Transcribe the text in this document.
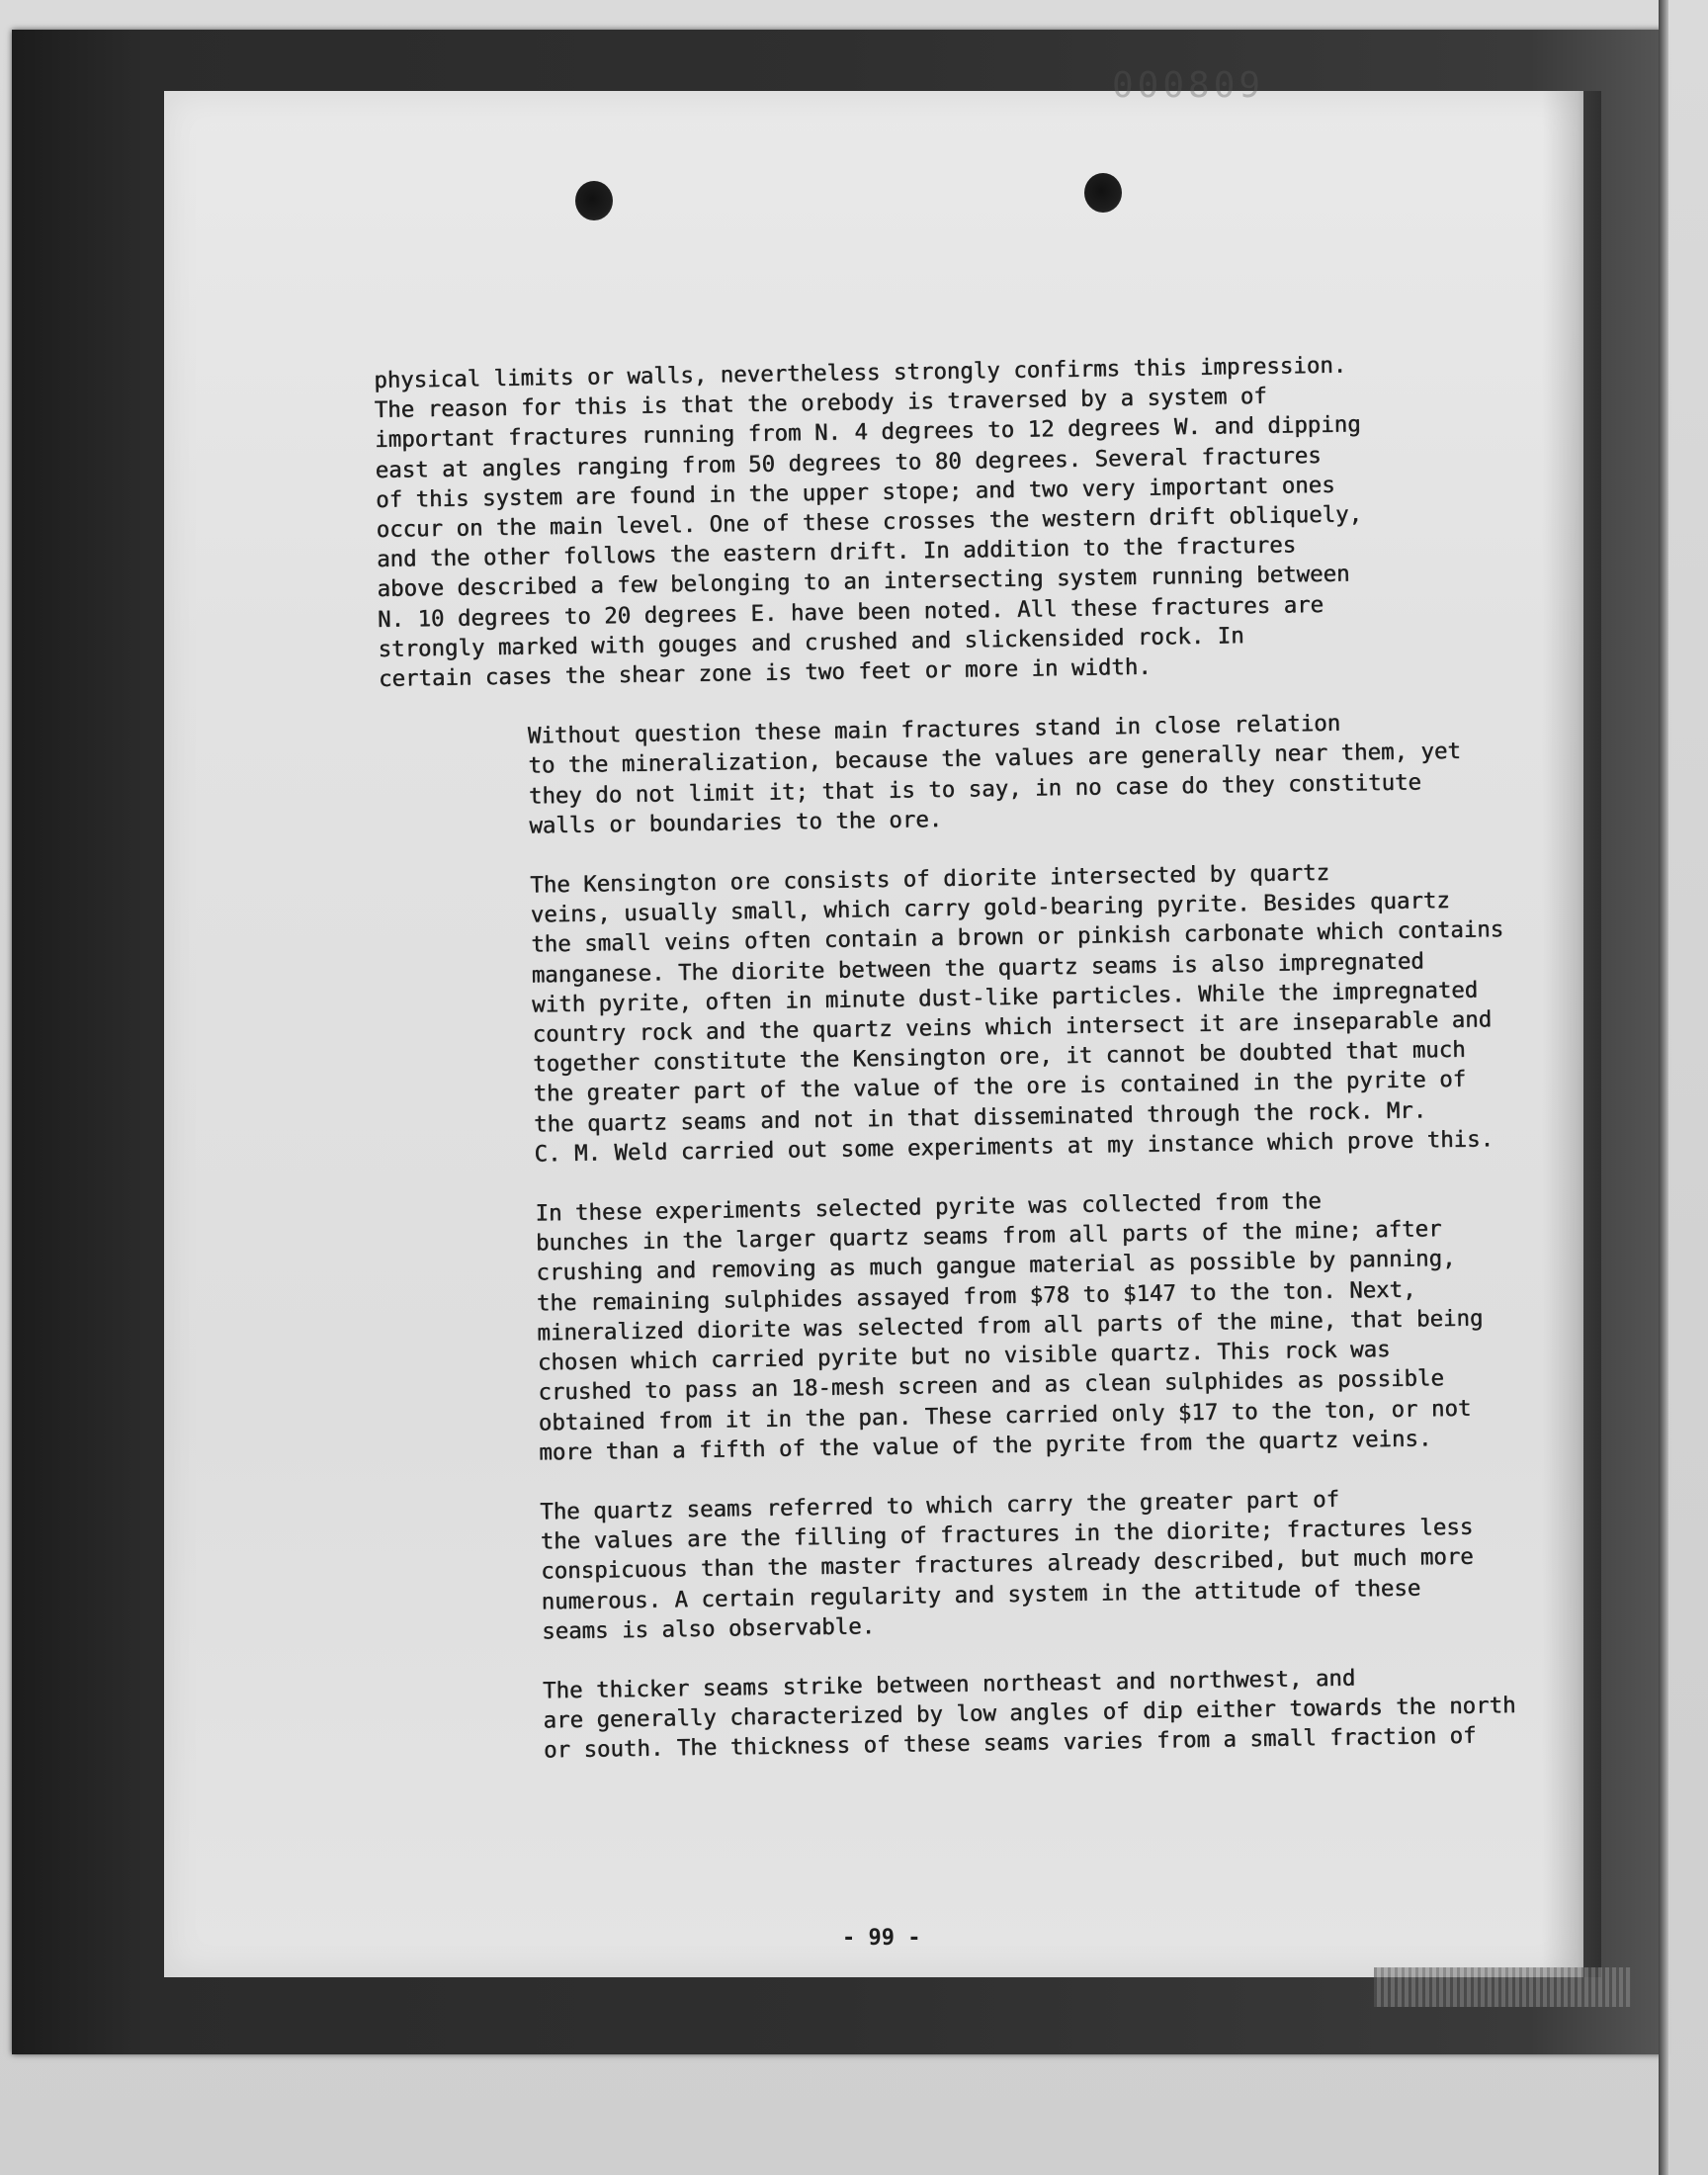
000809
physical limits or walls, nevertheless strongly confirms this impression.
The reason for this is that the orebody is traversed by a system of
important fractures running from N. 4 degrees to 12 degrees W. and dipping
east at angles ranging from 50 degrees to 80 degrees. Several fractures
of this system are found in the upper stope; and two very important ones
occur on the main level. One of these crosses the western drift obliquely,
and the other follows the eastern drift. In addition to the fractures
above described a few belonging to an intersecting system running between
N. 10 degrees to 20 degrees E. have been noted. All these fractures are
strongly marked with gouges and crushed and slickensided rock. In
certain cases the shear zone is two feet or more in width.
Without question these main fractures stand in close relation
to the mineralization, because the values are generally near them, yet
they do not limit it; that is to say, in no case do they constitute
walls or boundaries to the ore.
The Kensington ore consists of diorite intersected by quartz
veins, usually small, which carry gold-bearing pyrite. Besides quartz
the small veins often contain a brown or pinkish carbonate which contains
manganese. The diorite between the quartz seams is also impregnated
with pyrite, often in minute dust-like particles. While the impregnated
country rock and the quartz veins which intersect it are inseparable and
together constitute the Kensington ore, it cannot be doubted that much
the greater part of the value of the ore is contained in the pyrite of
the quartz seams and not in that disseminated through the rock. Mr.
C. M. Weld carried out some experiments at my instance which prove this.
In these experiments selected pyrite was collected from the
bunches in the larger quartz seams from all parts of the mine; after
crushing and removing as much gangue material as possible by panning,
the remaining sulphides assayed from $78 to $147 to the ton. Next,
mineralized diorite was selected from all parts of the mine, that being
chosen which carried pyrite but no visible quartz. This rock was
crushed to pass an 18-mesh screen and as clean sulphides as possible
obtained from it in the pan. These carried only $17 to the ton, or not
more than a fifth of the value of the pyrite from the quartz veins.
The quartz seams referred to which carry the greater part of
the values are the filling of fractures in the diorite; fractures less
conspicuous than the master fractures already described, but much more
numerous. A certain regularity and system in the attitude of these
seams is also observable.
The thicker seams strike between northeast and northwest, and
are generally characterized by low angles of dip either towards the north
or south. The thickness of these seams varies from a small fraction of
- 99 -
